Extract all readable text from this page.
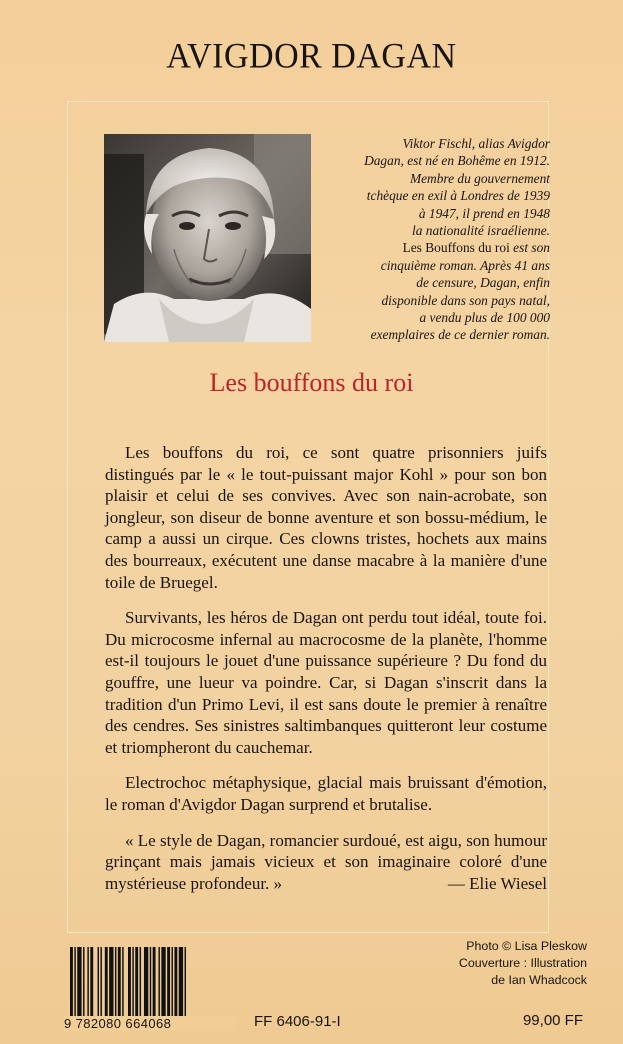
AVIGDOR DAGAN
Viktor Fischl, alias Avigdor
Dagan, est né en Bohême en 1912.
Membre du gouvernement
tchèque en exil à Londres de 1939
à 1947, il prend en 1948
la nationalité israélienne.
Les Bouffons du roi est son
cinquième roman. Après 41 ans
de censure, Dagan, enfin
disponible dans son pays natal,
a vendu plus de 100 000
exemplaires de ce dernier roman.
Les bouffons du roi

Les bouffons du roi, ce sont quatre prisonniers juifs distingués par le « le tout-puissant major Kohl » pour son bon plaisir et celui de ses convives. Avec son nain-acrobate, son jongleur, son diseur de bonne aventure et son bossu-médium, le camp a aussi un cirque. Ces clowns tristes, hochets aux mains des bourreaux, exécutent une danse macabre à la manière d'une toile de Bruegel.

Survivants, les héros de Dagan ont perdu tout idéal, toute foi. Du microcosme infernal au macrocosme de la planète, l'homme est-il toujours le jouet d'une puissance supérieure ? Du fond du gouffre, une lueur va poindre. Car, si Dagan s'inscrit dans la tradition d'un Primo Levi, il est sans doute le premier à renaître des cendres. Ses sinistres saltimbanques quitteront leur costume et triompheront du cauchemar.

Electrochoc métaphysique, glacial mais bruissant d'émotion, le roman d'Avigdor Dagan surprend et brutalise.

« Le style de Dagan, romancier surdoué, est aigu, son humour grinçant mais jamais vicieux et son imaginaire coloré d'une mystérieuse profondeur. »	— Elie Wiesel

Photo © Lisa Pleskow
Couverture : Illustration
de Ian Whadcock
9 782080 664068	FF 6406-91-I	99,00 FF
